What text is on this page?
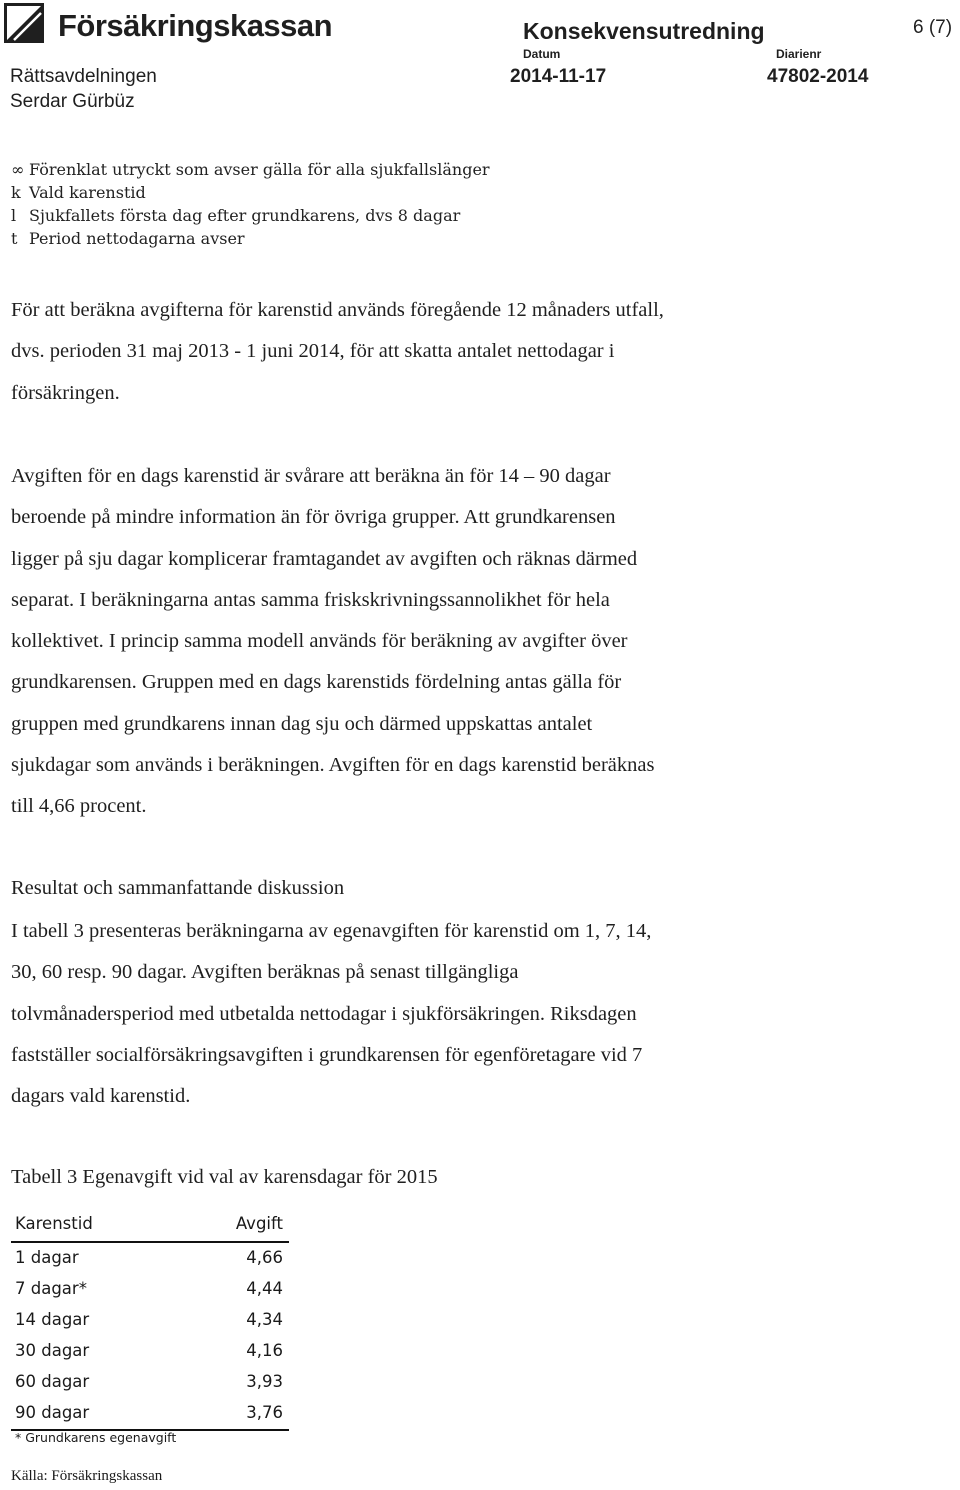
Försäkringskassan	Konsekvensutredning	6 (7)
Rättsavdelningen
Serdar Gürbüz
Datum
2014-11-17
Diarienr
47802-2014
∞ Förenklat utryckt som avser gälla för alla sjukfallslänger
k Vald karenstid
l Sjukfallets första dag efter grundkarens, dvs 8 dagar
t Period nettodagarna avser
För att beräkna avgifterna för karenstid används föregående 12 månaders utfall,
dvs. perioden 31 maj 2013 - 1 juni 2014, för att skatta antalet nettodagar i
försäkringen.
Avgiften för en dags karenstid är svårare att beräkna än för 14 – 90 dagar
beroende på mindre information än för övriga grupper. Att grundkarensen
ligger på sju dagar komplicerar framtagandet av avgiften och räknas därmed
separat. I beräkningarna antas samma friskskrivningssannolikhet för hela
kollektivet. I princip samma modell används för beräkning av avgifter över
grundkarensen. Gruppen med en dags karenstids fördelning antas gälla för
gruppen med grundkarens innan dag sju och därmed uppskattas antalet
sjukdagar som används i beräkningen. Avgiften för en dags karenstid beräknas
till 4,66 procent.
Resultat och sammanfattande diskussion
I tabell 3 presenteras beräkningarna av egenavgiften för karenstid om 1, 7, 14,
30, 60 resp. 90 dagar. Avgiften beräknas på senast tillgängliga
tolvmånadersperiod med utbetalda nettodagar i sjukförsäkringen. Riksdagen
fastställer socialförsäkringsavgiften i grundkarensen för egenföretagare vid 7
dagars vald karenstid.
Tabell 3 Egenavgift vid val av karensdagar för 2015
Karenstid	Avgift
1 dagar	4,66
7 dagar*	4,44
14 dagar	4,34
30 dagar	4,16
60 dagar	3,93
90 dagar	3,76
* Grundkarens egenavgift
Källa: Försäkringskassan
